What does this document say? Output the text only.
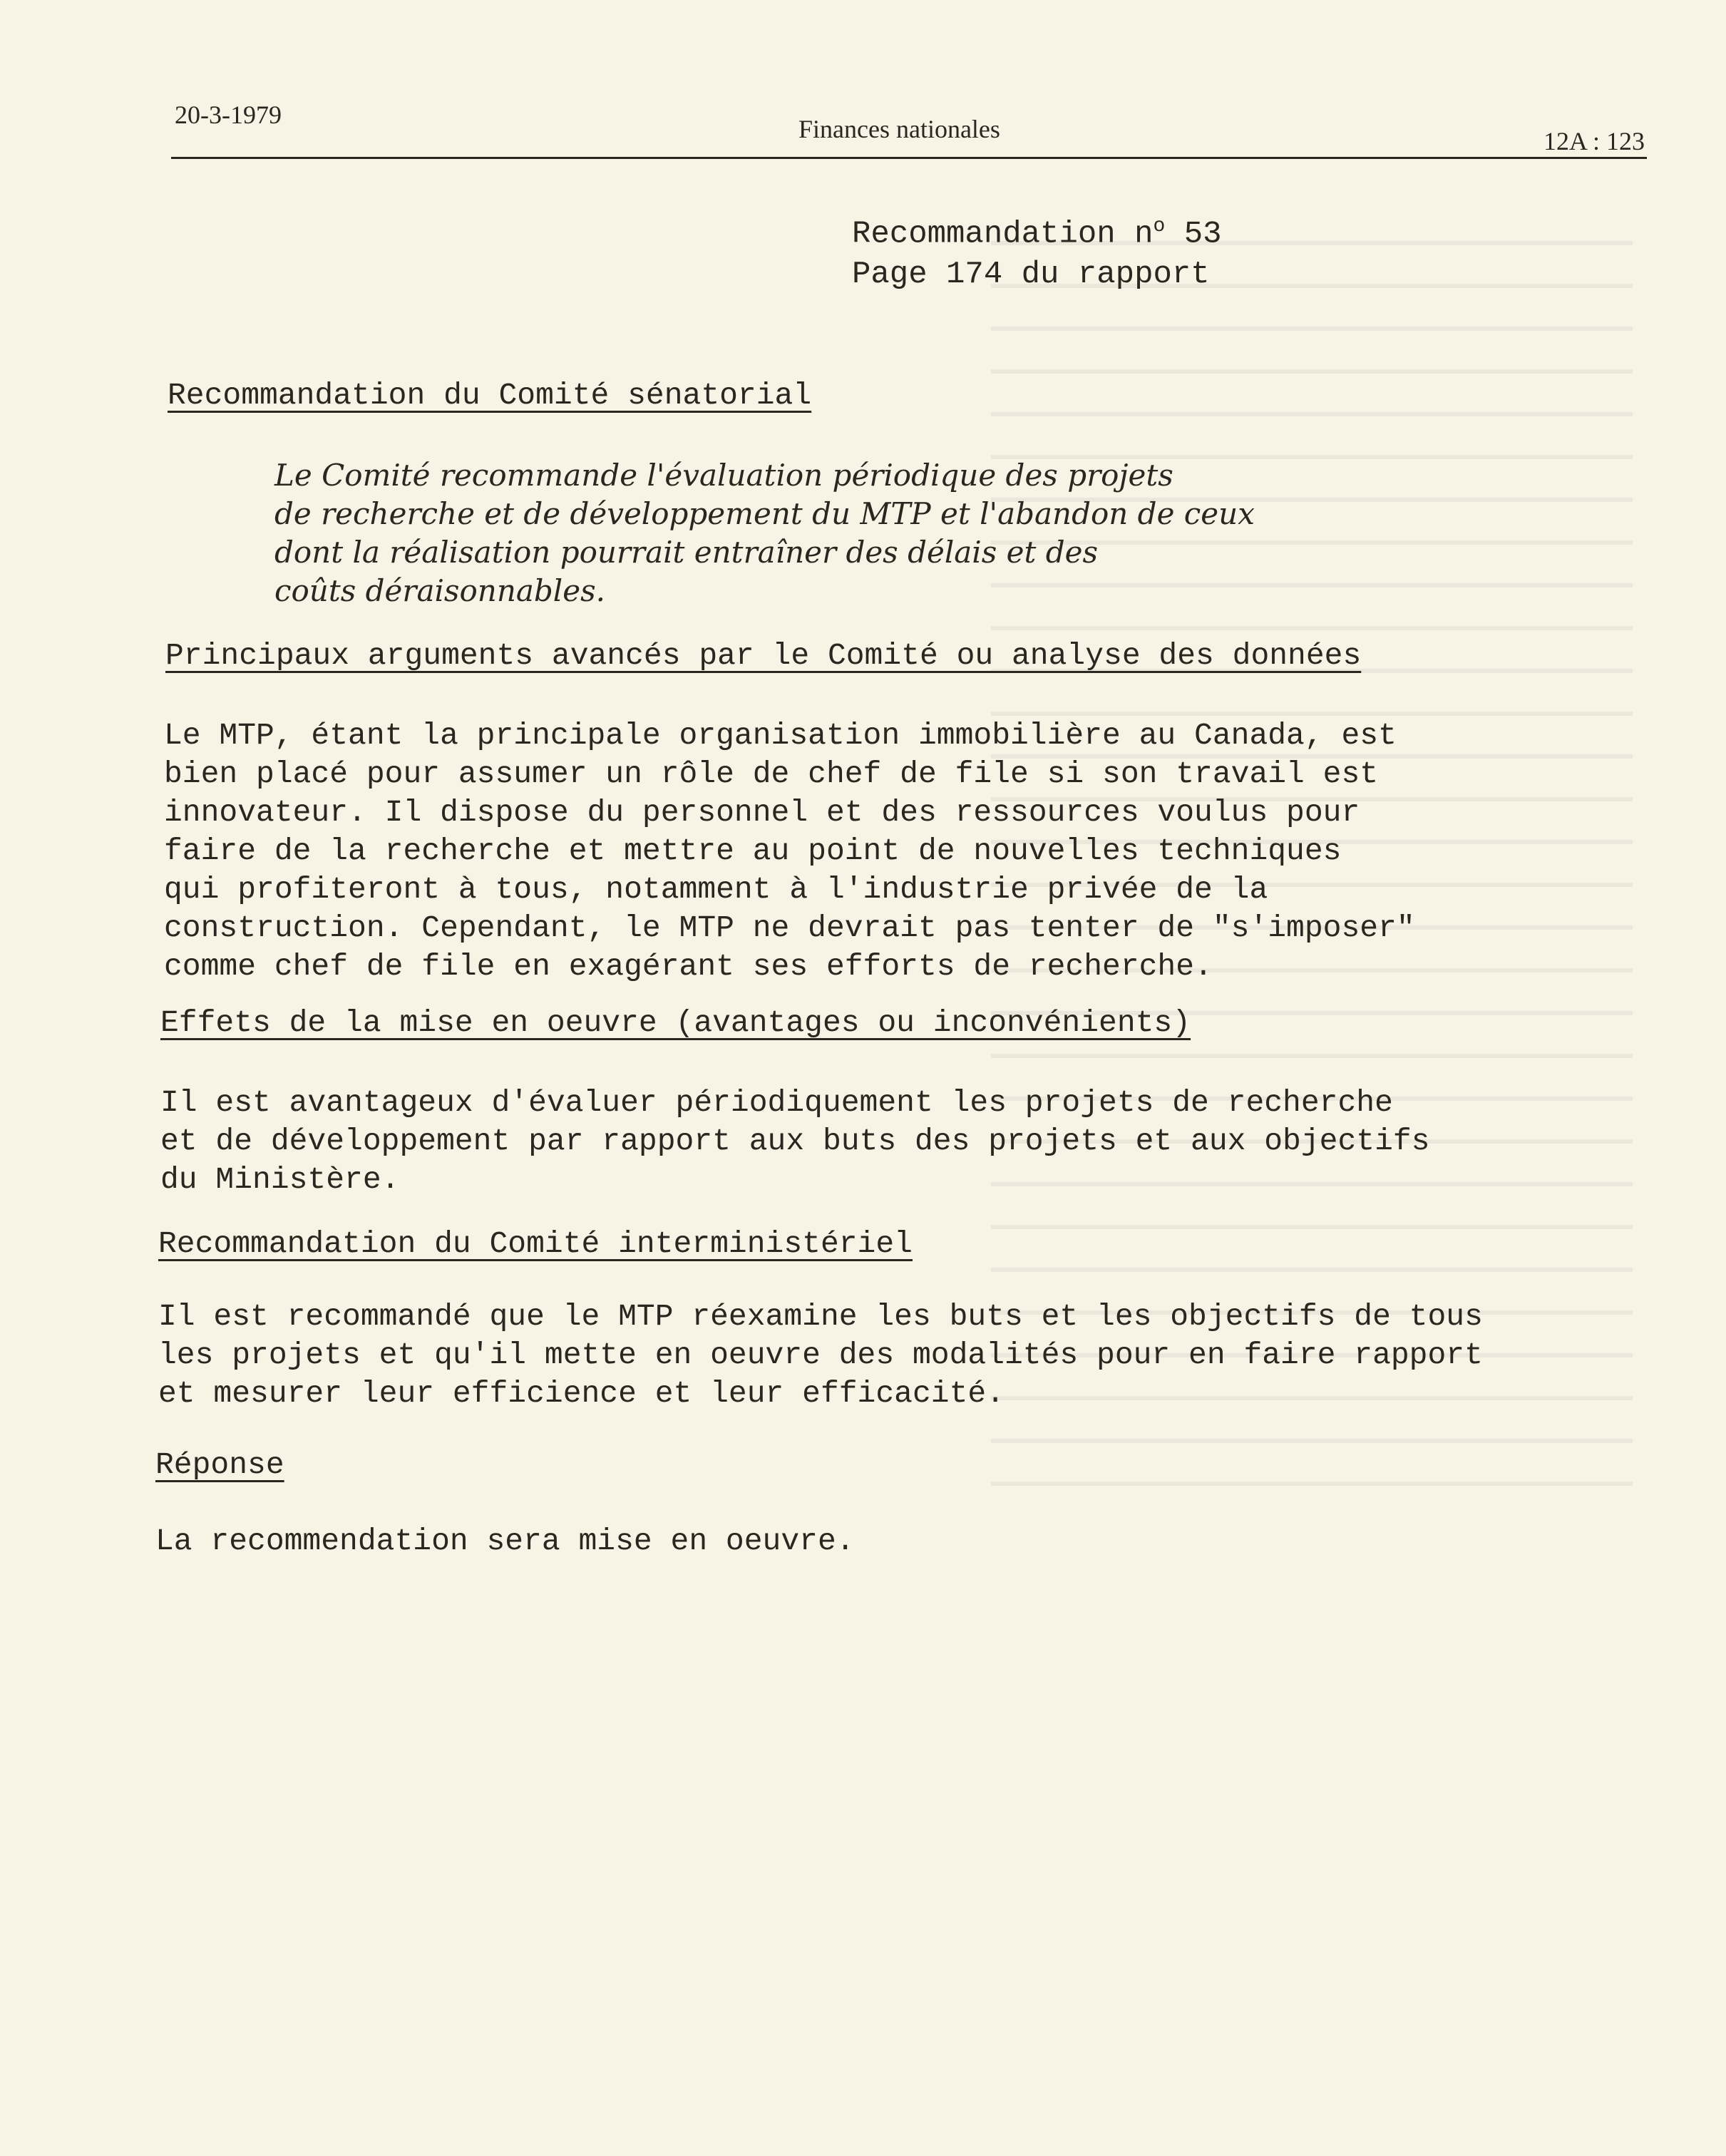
20-3-1979	Finances nationales	12A : 123
Recommandation $n^o$ 53
Page 174 du rapport
Recommandation du Comité sénatorial
Le Comité recommande l'évaluation périodique des projets
de recherche et de développement du MTP et l'abandon de ceux
dont la réalisation pourrait entraîner des délais et des
coûts déraisonnables.
Principaux arguments avancés par le Comité ou analyse des données
Le MTP, étant la principale organisation immobilière au Canada, est
bien placé pour assumer un rôle de chef de file si son travail est
innovateur. Il dispose du personnel et des ressources voulus pour
faire de la recherche et mettre au point de nouvelles techniques
qui profiteront à tous, notamment à l'industrie privée de la
construction. Cependant, le MTP ne devrait pas tenter de "s'imposer"
comme chef de file en exagérant ses efforts de recherche.
Effets de la mise en oeuvre (avantages ou inconvénients)
Il est avantageux d'évaluer périodiquement les projets de recherche
et de développement par rapport aux buts des projets et aux objectifs
du Ministère.
Recommandation du Comité interministériel
Il est recommandé que le MTP réexamine les buts et les objectifs de tous
les projets et qu'il mette en oeuvre des modalités pour en faire rapport
et mesurer leur efficience et leur efficacité.
Réponse
La recommendation sera mise en oeuvre.
